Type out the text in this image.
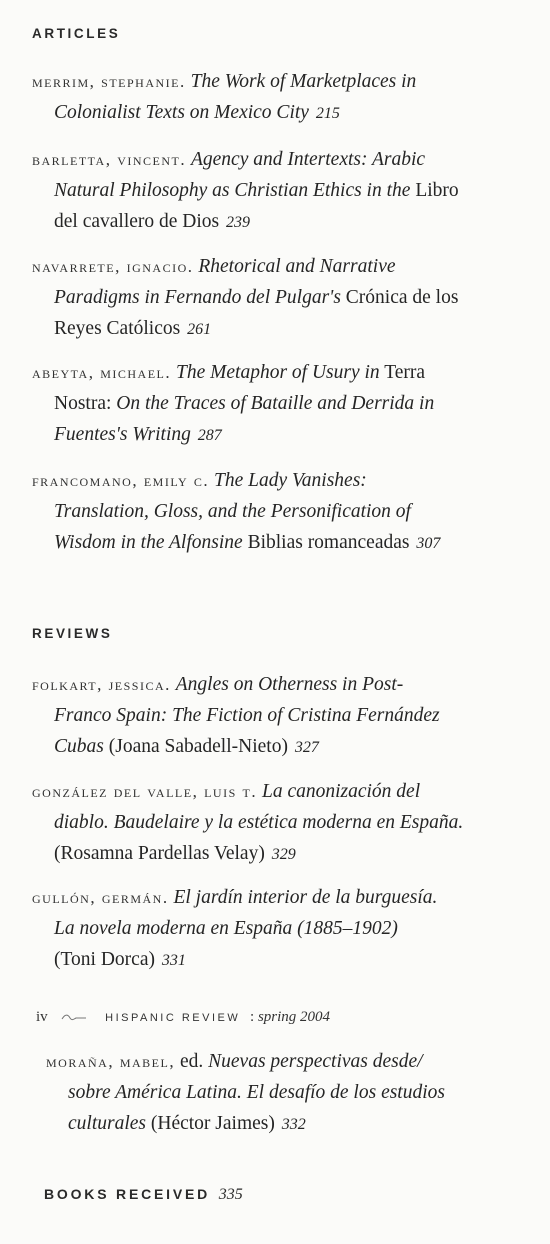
ARTICLES
merrim, stephanie. The Work of Marketplaces in
Colonialist Texts on Mexico City 215
barletta, vincent. Agency and Intertexts: Arabic
Natural Philosophy as Christian Ethics in the Libro
del cavallero de Dios 239
navarrete, ignacio. Rhetorical and Narrative
Paradigms in Fernando del Pulgar's Crónica de los
Reyes Católicos 261
abeyta, michael. The Metaphor of Usury in Terra
Nostra: On the Traces of Bataille and Derrida in
Fuentes's Writing 287
francomano, emily c. The Lady Vanishes:
Translation, Gloss, and the Personification of
Wisdom in the Alfonsine Biblias romanceadas 307
REVIEWS
folkart, jessica. Angles on Otherness in Post-
Franco Spain: The Fiction of Cristina Fernández
Cubas (Joana Sabadell-Nieto) 327
gonzález del valle, luis t. La canonización del
diablo. Baudelaire y la estética moderna en España.
(Rosamna Pardellas Velay) 329
gullón, germán. El jardín interior de la burguesía.
La novela moderna en España (1885–1902)
(Toni Dorca) 331
iv	HISPANIC REVIEW : spring 2004
moraña, mabel, ed. Nuevas perspectivas desde/
sobre América Latina. El desafío de los estudios
culturales (Héctor Jaimes) 332
BOOKS RECEIVED 335
